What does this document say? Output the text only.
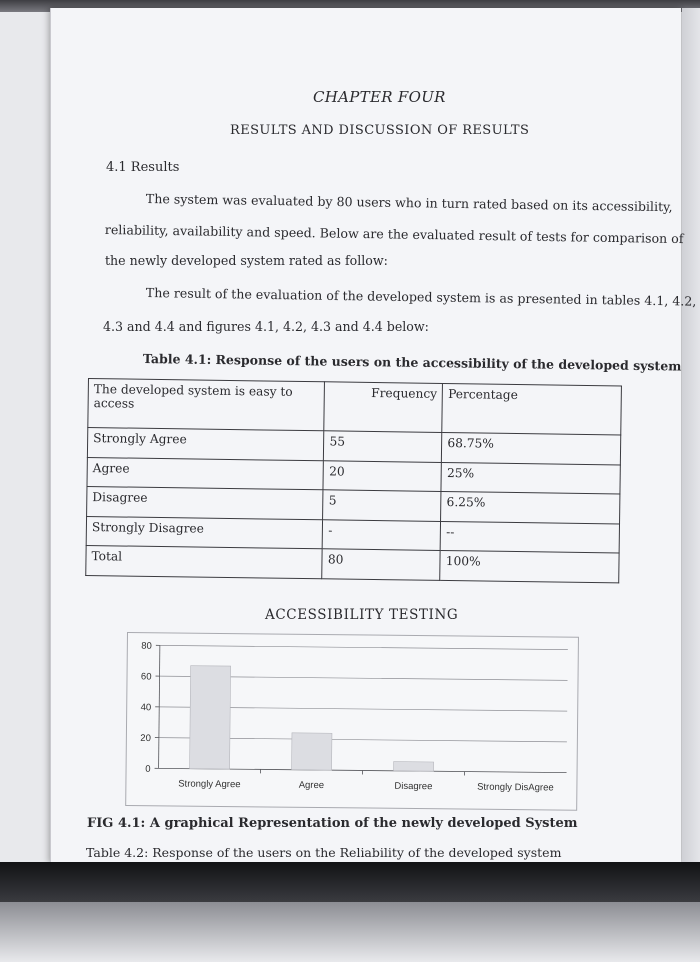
CHAPTER FOUR
RESULTS AND DISCUSSION OF RESULTS
4.1 Results
The system was evaluated by 80 users who in turn rated based on its accessibility,
reliability, availability and speed. Below are the evaluated result of tests for comparison of
the newly developed system rated as follow:
The result of the evaluation of the developed system is as presented in tables 4.1, 4.2,
4.3 and 4.4 and figures 4.1, 4.2, 4.3 and 4.4 below:
Table 4.1: Response of the users on the accessibility of the developed system
The developed system is easy to access	Frequency	Percentage
Strongly Agree	55	68.75%
Agree	20	25%
Disagree	5	6.25%
Strongly Disagree	-	--
Total	80	100%
ACCESSIBILITY TESTING
0
20
40
60
80
Strongly Agree	Agree	Disagree	Strongly DisAgree
FIG 4.1: A graphical Representation of the newly developed System
Table 4.2: Response of the users on the Reliability of the developed system
